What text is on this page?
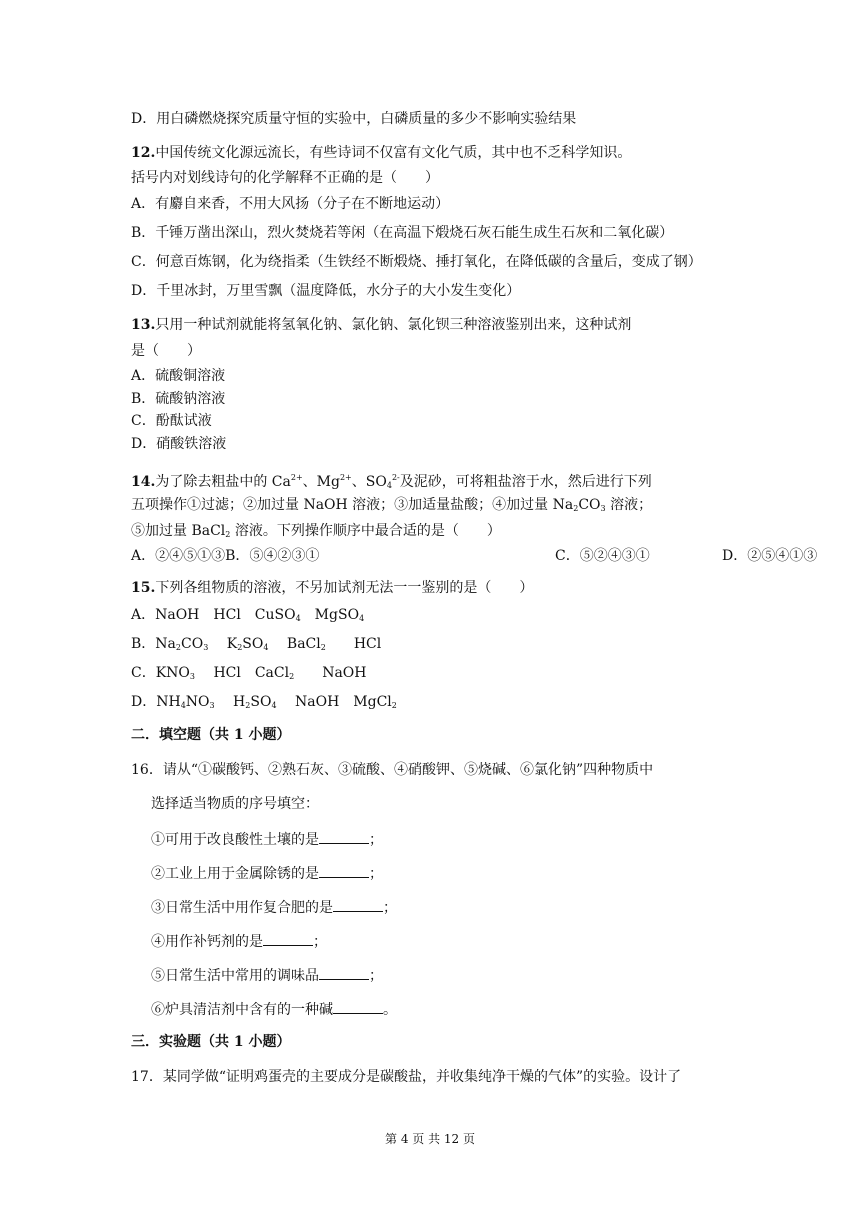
D．用白磷燃烧探究质量守恒的实验中，白磷质量的多少不影响实验结果
12.中国传统文化源远流长，有些诗词不仅富有文化气质，其中也不乏科学知识。
括号内对划线诗句的化学解释不正确的是（　　）
A．有麝自来香，不用大风扬（分子在不断地运动）
B．千锤万凿出深山，烈火焚烧若等闲（在高温下煅烧石灰石能生成生石灰和二氧化碳）
C．何意百炼钢，化为绕指柔（生铁经不断煅烧、捶打氧化，在降低碳的含量后，变成了钢）
D．千里冰封，万里雪飘（温度降低，水分子的大小发生变化）
13.只用一种试剂就能将氢氧化钠、氯化钠、氯化钡三种溶液鉴别出来，这种试剂
是（　　）
A．硫酸铜溶液
B．硫酸钠溶液
C．酚酞试液
D．硝酸铁溶液
14.为了除去粗盐中的 $Ca^{2+}$、$Mg^{2+}$、$SO4^{2-}$及泥砂，可将粗盐溶于水，然后进行下列
五项操作①过滤；②加过量 NaOH 溶液；③加适量盐酸；④加过量 Na2CO3 溶液；
⑤加过量 BaCl2 溶液。下列操作顺序中最合适的是（　　）
A．②④⑤①③B．⑤④②③①	C．⑤②④③①	D．②⑤④①③
15.下列各组物质的溶液，不另加试剂无法一一鉴别的是（　　）
A．NaOH　HCl　CuSO4　MgSO4
B．Na2CO3　 K2SO4　 BaCl2　　HCl
C．KNO3　 HCl　CaCl2　　NaOH
D．NH4NO3　 H2SO4　 NaOH　MgCl2
二．填空题（共 1 小题）
16．请从“①碳酸钙、②熟石灰、③硫酸、④硝酸钾、⑤烧碱、⑥氯化钠”四种物质中
选择适当物质的序号填空：
①可用于改良酸性土壤的是	；
②工业上用于金属除锈的是	；
③日常生活中用作复合肥的是	；
④用作补钙剂的是	；
⑤日常生活中常用的调味品	；
⑥炉具清洁剂中含有的一种碱	。
三．实验题（共 1 小题）
17．某同学做“证明鸡蛋壳的主要成分是碳酸盐，并收集纯净干燥的气体”的实验。设计了
第 4 页 共 12 页
